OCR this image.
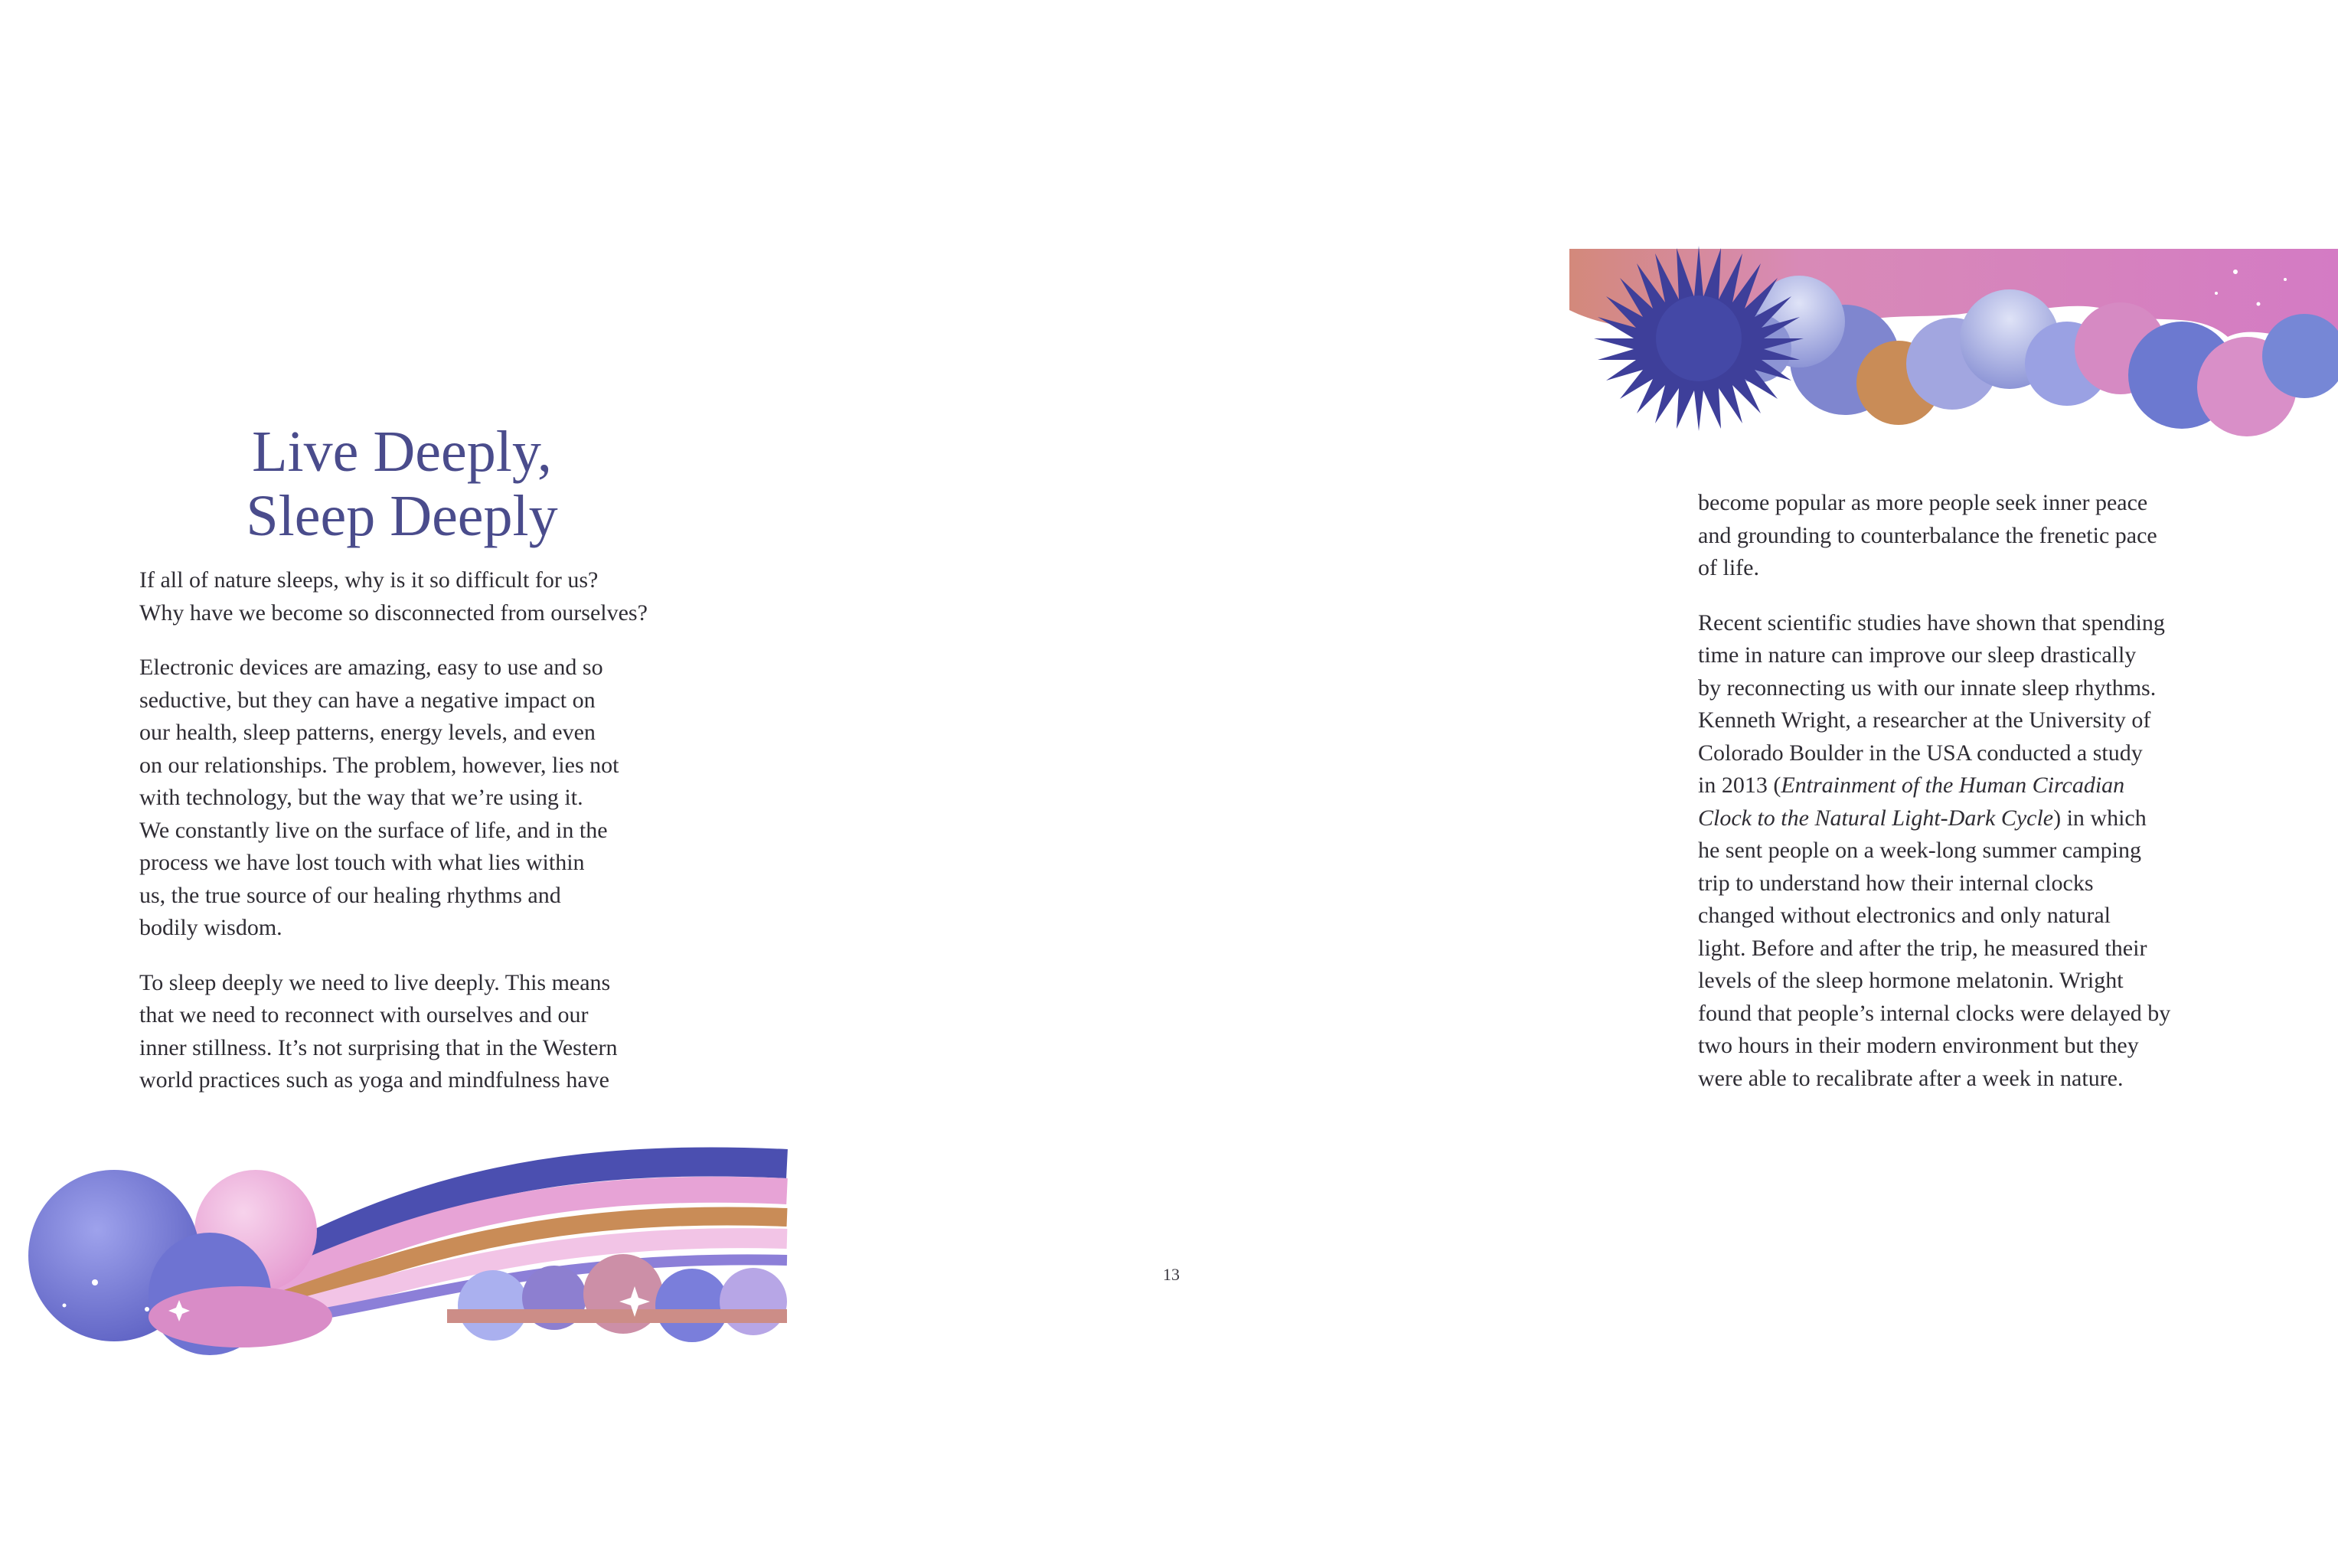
Live Deeply,
Sleep Deeply
If all of nature sleeps, why is it so difficult for us?
Why have we become so disconnected from ourselves?
Electronic devices are amazing, easy to use and so
seductive, but they can have a negative impact on
our health, sleep patterns, energy levels, and even
on our relationships. The problem, however, lies not
with technology, but the way that we’re using it.
We constantly live on the surface of life, and in the
process we have lost touch with what lies within
us, the true source of our healing rhythms and
bodily wisdom.
To sleep deeply we need to live deeply. This means
that we need to reconnect with ourselves and our
inner stillness. It’s not surprising that in the Western
world practices such as yoga and mindfulness have
become popular as more people seek inner peace
and grounding to counterbalance the frenetic pace
of life.
Recent scientific studies have shown that spending
time in nature can improve our sleep drastically
by reconnecting us with our innate sleep rhythms.
Kenneth Wright, a researcher at the University of
Colorado Boulder in the USA conducted a study
in 2013 (Entrainment of the Human Circadian
Clock to the Natural Light-Dark Cycle) in which
he sent people on a week-long summer camping
trip to understand how their internal clocks
changed without electronics and only natural
light. Before and after the trip, he measured their
levels of the sleep hormone melatonin. Wright
found that people’s internal clocks were delayed by
two hours in their modern environment but they
were able to recalibrate after a week in nature.
13
